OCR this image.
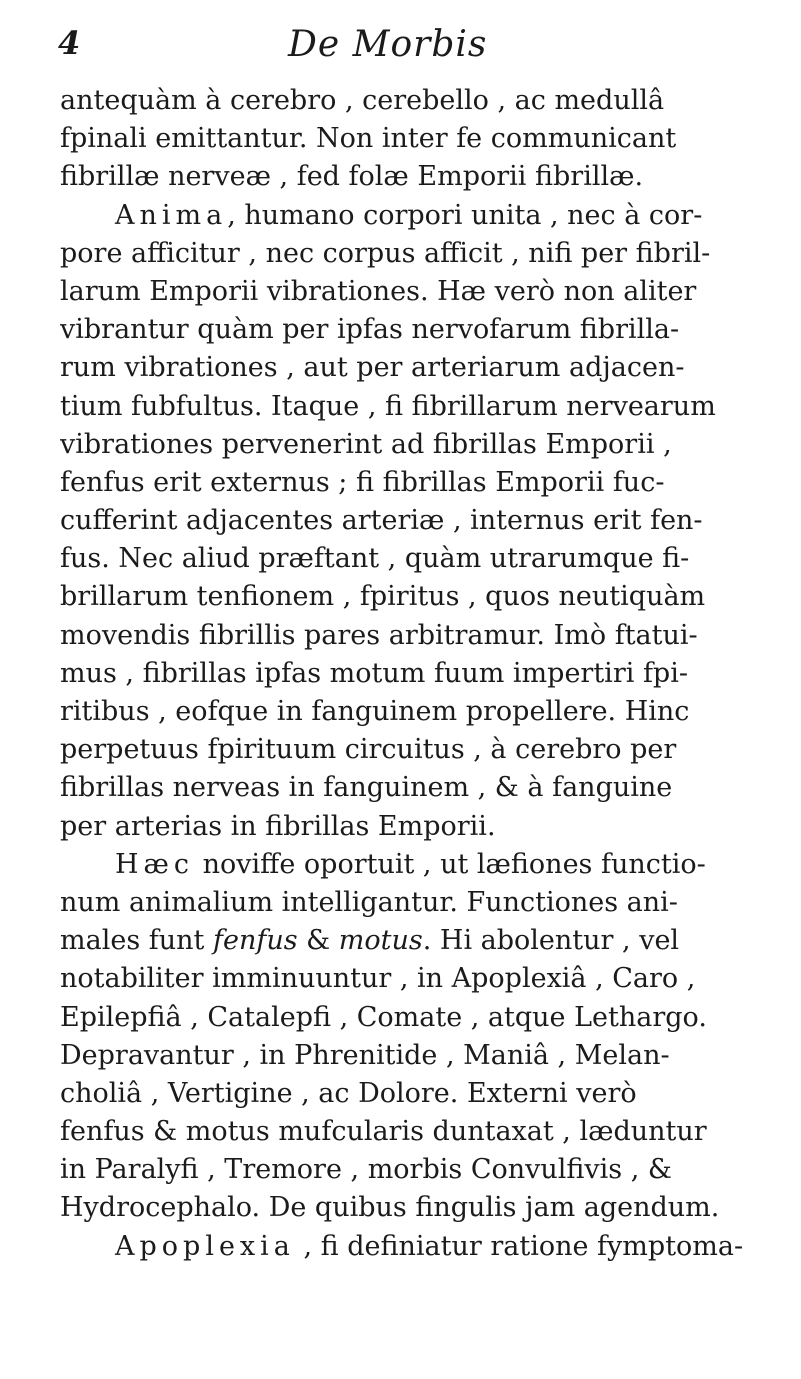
4	De Morbis
antequàm à cerebro , cerebello , ac medullâ
fpinali emittantur. Non inter fe communicant
fibrillæ nerveæ , fed folæ Emporii fibrillæ.
Anima, humano corpori unita , nec à cor-
pore afficitur , nec corpus afficit , nifi per fibril-
larum Emporii vibrationes. Hæ verò non aliter
vibrantur quàm per ipfas nervofarum fibrilla-
rum vibrationes , aut per arteriarum adjacen-
tium fubfultus. Itaque , fi fibrillarum nervearum
vibrationes pervenerint ad fibrillas Emporii ,
fenfus erit externus ; fi fibrillas Emporii fuc-
cufferint adjacentes arteriæ , internus erit fen-
fus. Nec aliud præftant , quàm utrarumque fi-
brillarum tenfionem , fpiritus , quos neutiquàm
movendis fibrillis pares arbitramur. Imò ftatui-
mus , fibrillas ipfas motum fuum impertiri fpi-
ritibus , eofque in fanguinem propellere. Hinc
perpetuus fpirituum circuitus , à cerebro per
fibrillas nerveas in fanguinem , & à fanguine
per arterias in fibrillas Emporii.
Hæc noviffe oportuit , ut læfiones functio-
num animalium intelligantur. Functiones ani-
males funt fenfus & motus. Hi abolentur , vel
notabiliter imminuuntur , in Apoplexiâ , Caro ,
Epilepfiâ , Catalepfi , Comate , atque Lethargo.
Depravantur , in Phrenitide , Maniâ , Melan-
choliâ , Vertigine , ac Dolore. Externi verò
fenfus & motus mufcularis duntaxat , læduntur
in Paralyfi , Tremore , morbis Convulfivis , &
Hydrocephalo. De quibus fingulis jam agendum.
Apoplexia , fi definiatur ratione fymptoma-
